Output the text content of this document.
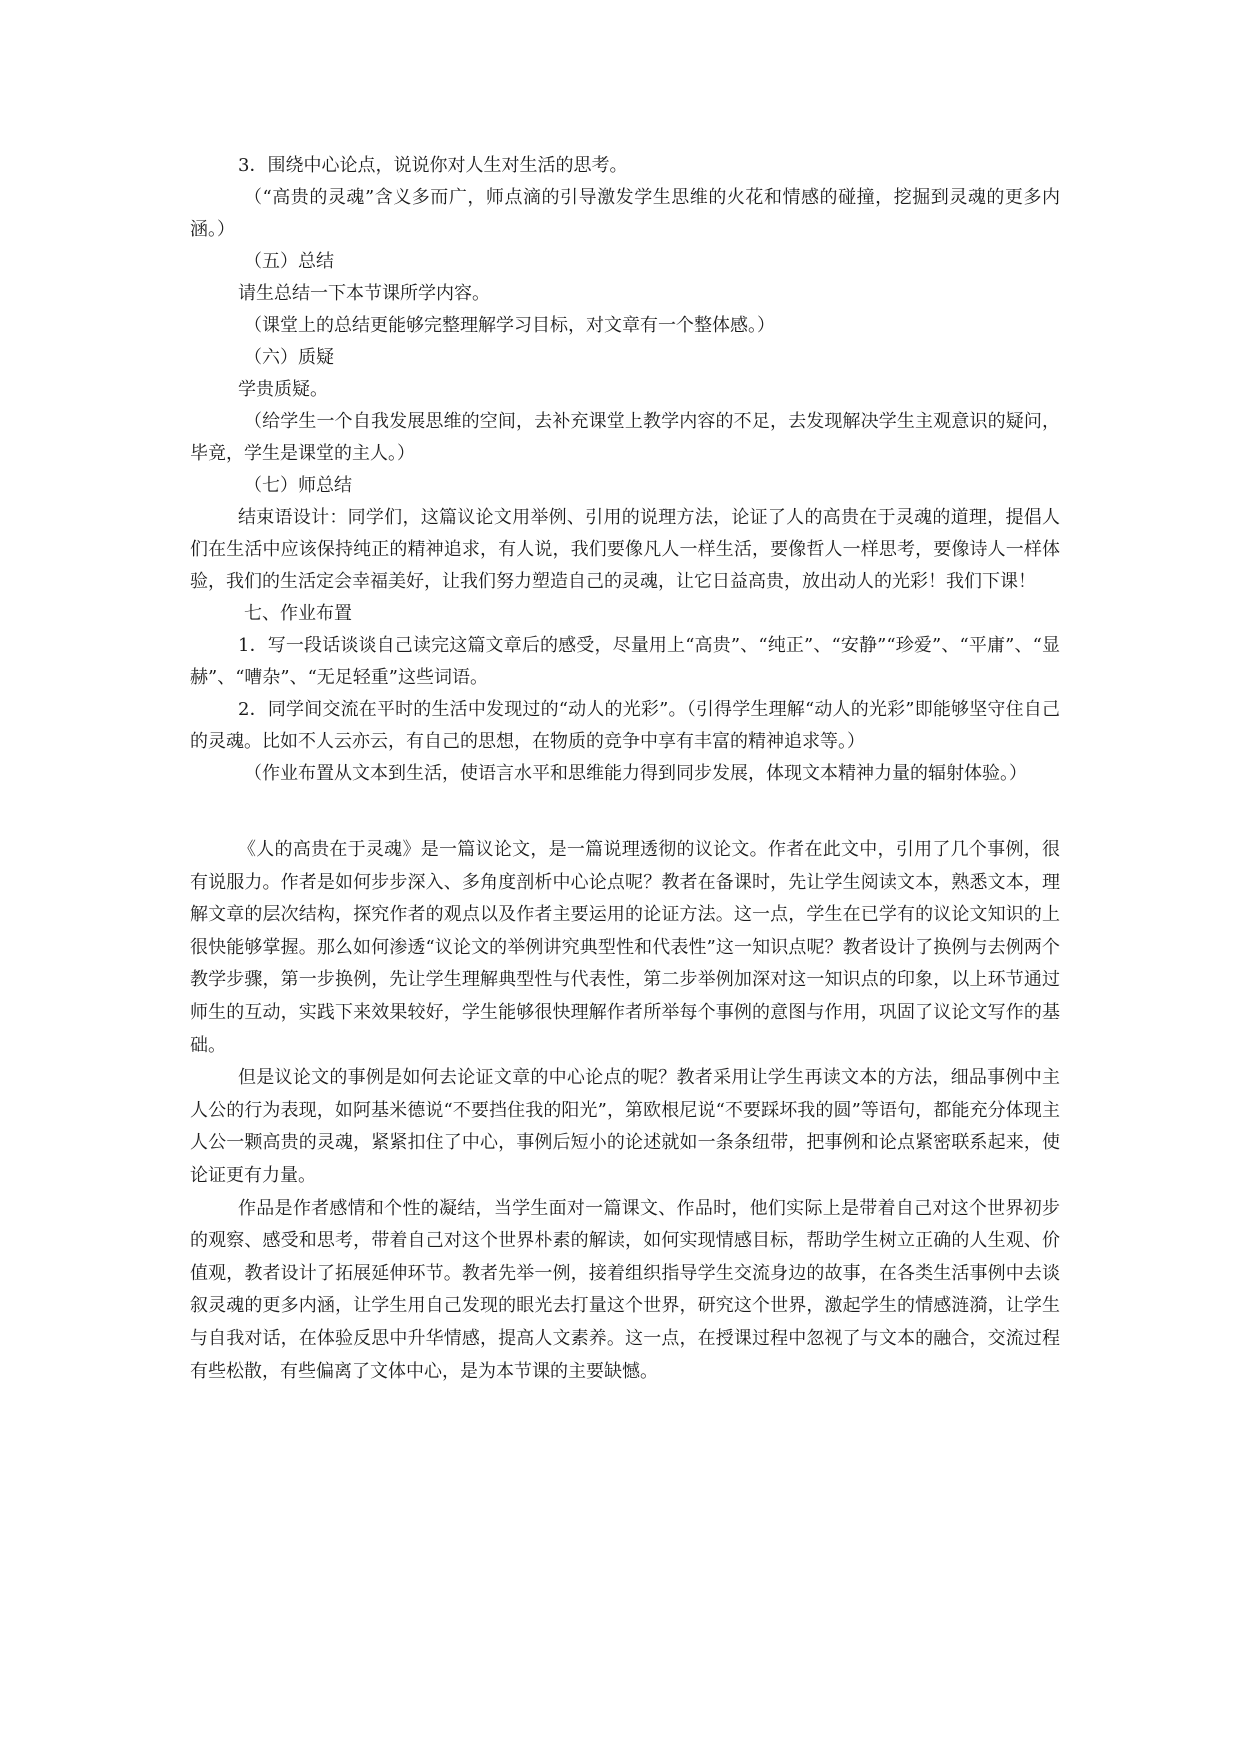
3．围绕中心论点，说说你对人生对生活的思考。

（“高贵的灵魂”含义多而广，师点滴的引导激发学生思维的火花和情感的碰撞，挖掘到灵魂的更多内涵。）

（五）总结

请生总结一下本节课所学内容。

（课堂上的总结更能够完整理解学习目标，对文章有一个整体感。）

（六）质疑

学贵质疑。

（给学生一个自我发展思维的空间，去补充课堂上教学内容的不足，去发现解决学生主观意识的疑问，毕竟，学生是课堂的主人。）

（七）师总结

结束语设计：同学们，这篇议论文用举例、引用的说理方法，论证了人的高贵在于灵魂的道理，提倡人们在生活中应该保持纯正的精神追求，有人说，我们要像凡人一样生活，要像哲人一样思考，要像诗人一样体验，我们的生活定会幸福美好，让我们努力塑造自己的灵魂，让它日益高贵，放出动人的光彩！我们下课！

七、作业布置

1．写一段话谈谈自己读完这篇文章后的感受，尽量用上“高贵”、“纯正”、“安静”“珍爱”、“平庸”、“显赫”、“嘈杂”、“无足轻重”这些词语。

2．同学间交流在平时的生活中发现过的“动人的光彩”。（引得学生理解“动人的光彩”即能够坚守住自己的灵魂。比如不人云亦云，有自己的思想，在物质的竞争中享有丰富的精神追求等。）

（作业布置从文本到生活，使语言水平和思维能力得到同步发展，体现文本精神力量的辐射体验。）

《人的高贵在于灵魂》是一篇议论文，是一篇说理透彻的议论文。作者在此文中，引用了几个事例，很有说服力。作者是如何步步深入、多角度剖析中心论点呢？教者在备课时，先让学生阅读文本，熟悉文本，理解文章的层次结构，探究作者的观点以及作者主要运用的论证方法。这一点，学生在已学有的议论文知识的上很快能够掌握。那么如何渗透“议论文的举例讲究典型性和代表性”这一知识点呢？教者设计了换例与去例两个教学步骤，第一步换例，先让学生理解典型性与代表性，第二步举例加深对这一知识点的印象，以上环节通过师生的互动，实践下来效果较好，学生能够很快理解作者所举每个事例的意图与作用，巩固了议论文写作的基础。

但是议论文的事例是如何去论证文章的中心论点的呢？教者采用让学生再读文本的方法，细品事例中主人公的行为表现，如阿基米德说“不要挡住我的阳光”，第欧根尼说“不要踩坏我的圆”等语句，都能充分体现主人公一颗高贵的灵魂，紧紧扣住了中心，事例后短小的论述就如一条条纽带，把事例和论点紧密联系起来，使论证更有力量。

作品是作者感情和个性的凝结，当学生面对一篇课文、作品时，他们实际上是带着自己对这个世界初步的观察、感受和思考，带着自己对这个世界朴素的解读，如何实现情感目标，帮助学生树立正确的人生观、价值观，教者设计了拓展延伸环节。教者先举一例，接着组织指导学生交流身边的故事，在各类生活事例中去谈叙灵魂的更多内涵，让学生用自己发现的眼光去打量这个世界，研究这个世界，激起学生的情感涟漪，让学生与自我对话，在体验反思中升华情感，提高人文素养。这一点，在授课过程中忽视了与文本的融合，交流过程有些松散，有些偏离了文体中心，是为本节课的主要缺憾。
